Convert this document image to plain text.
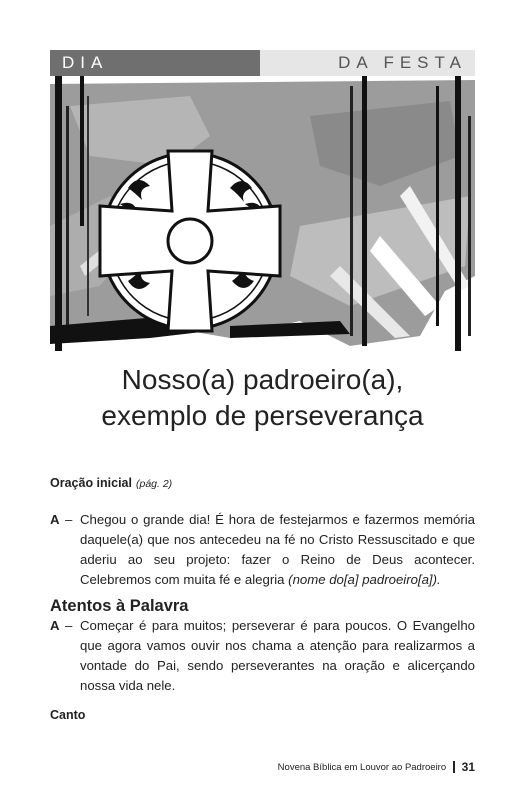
DIA	DA FESTA
Nosso(a) padroeiro(a),
exemplo de perseverança
Oração inicial (pág. 2)
A – Chegou o grande dia! É hora de festejarmos e fazermos memória daquele(a) que nos antecedeu na fé no Cristo Ressuscitado e que aderiu ao seu projeto: fazer o Reino de Deus acontecer. Celebremos com muita fé e alegria (nome do[a] padroeiro[a]).
Atentos à Palavra
A – Começar é para muitos; perseverar é para poucos. O Evangelho que agora vamos ouvir nos chama a atenção para realizarmos a vontade do Pai, sendo perseverantes na oração e alicerçando nossa vida nele.
Canto
Novena Bíblica em Louvor ao Padroeiro 31
